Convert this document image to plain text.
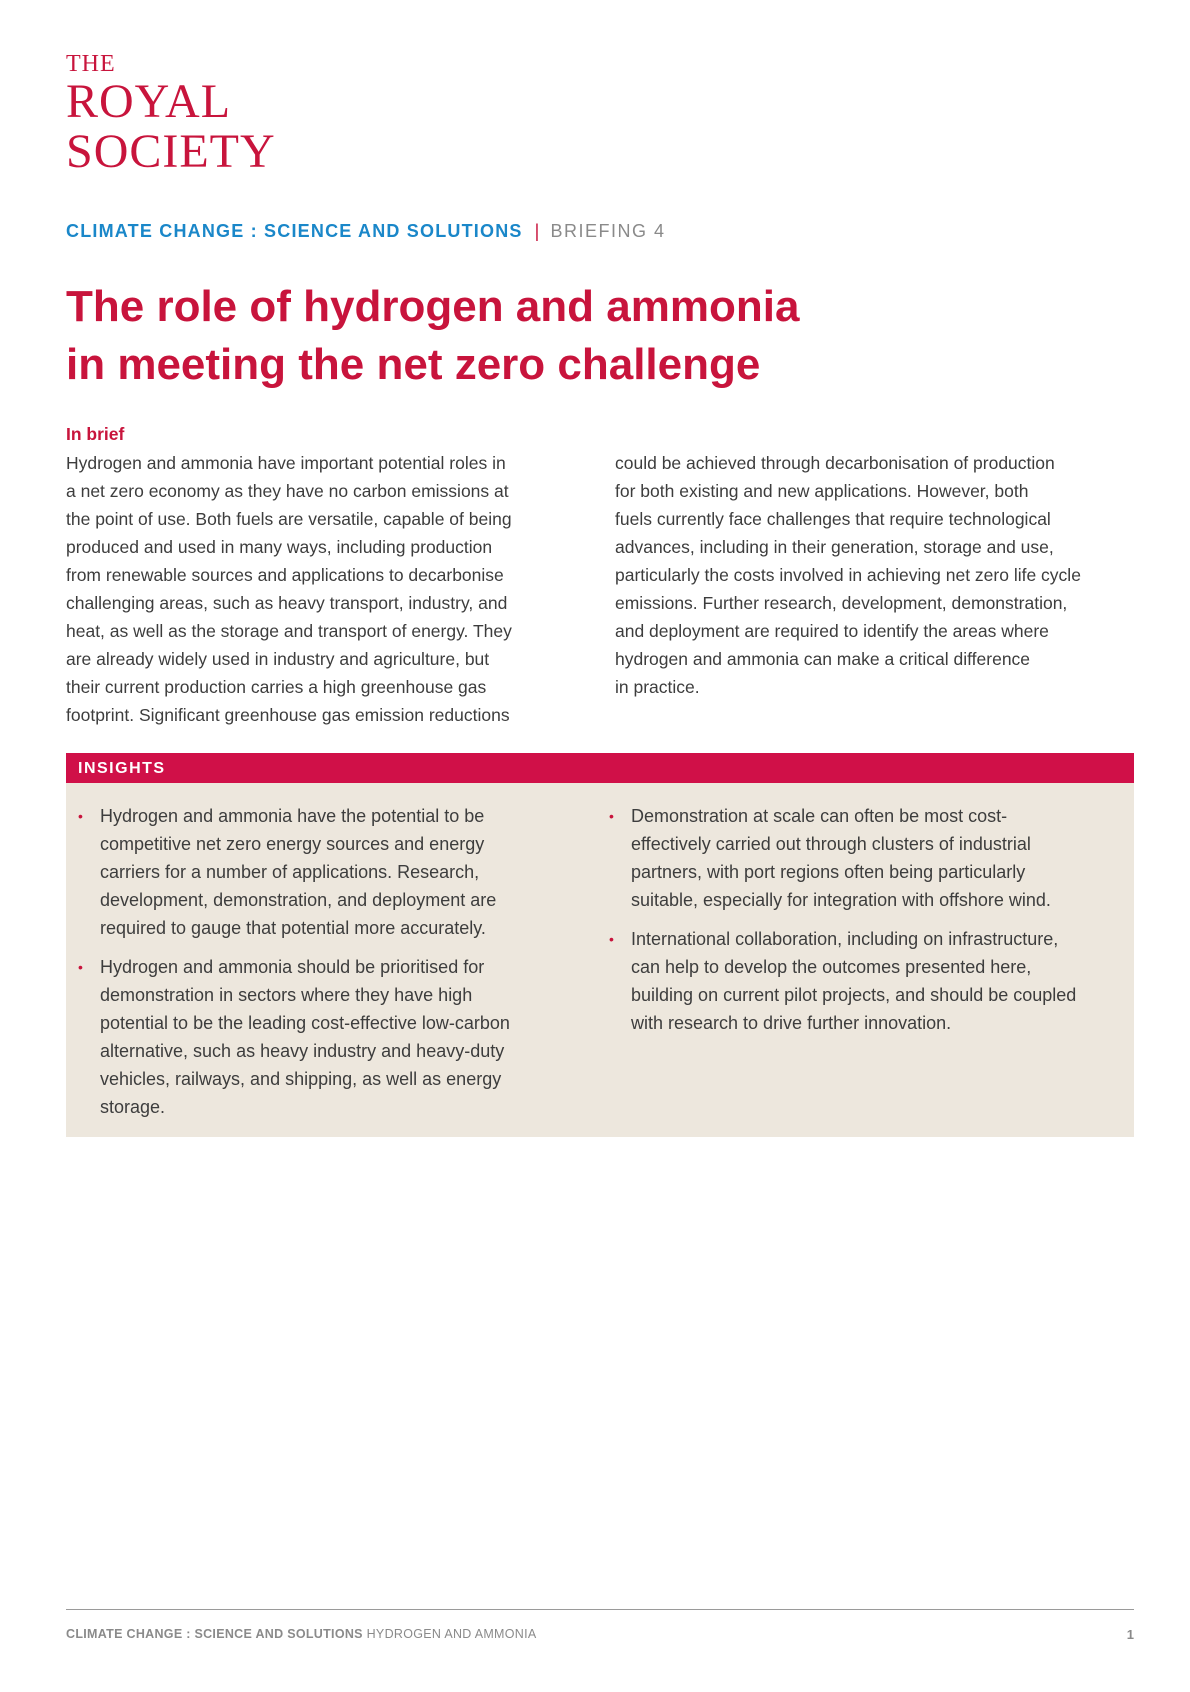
THE
ROYAL
SOCIETY
CLIMATE CHANGE : SCIENCE AND SOLUTIONS | BRIEFING 4
The role of hydrogen and ammonia
in meeting the net zero challenge
In brief
Hydrogen and ammonia have important potential roles in
a net zero economy as they have no carbon emissions at
the point of use. Both fuels are versatile, capable of being
produced and used in many ways, including production
from renewable sources and applications to decarbonise
challenging areas, such as heavy transport, industry, and
heat, as well as the storage and transport of energy. They
are already widely used in industry and agriculture, but
their current production carries a high greenhouse gas
footprint. Significant greenhouse gas emission reductions
could be achieved through decarbonisation of production
for both existing and new applications. However, both
fuels currently face challenges that require technological
advances, including in their generation, storage and use,
particularly the costs involved in achieving net zero life cycle
emissions. Further research, development, demonstration,
and deployment are required to identify the areas where
hydrogen and ammonia can make a critical difference
in practice.
INSIGHTS
• Hydrogen and ammonia have the potential to be
competitive net zero energy sources and energy
carriers for a number of applications. Research,
development, demonstration, and deployment are
required to gauge that potential more accurately.
• Hydrogen and ammonia should be prioritised for
demonstration in sectors where they have high
potential to be the leading cost-effective low-carbon
alternative, such as heavy industry and heavy-duty
vehicles, railways, and shipping, as well as energy
storage.
• Demonstration at scale can often be most cost-
effectively carried out through clusters of industrial
partners, with port regions often being particularly
suitable, especially for integration with offshore wind.
• International collaboration, including on infrastructure,
can help to develop the outcomes presented here,
building on current pilot projects, and should be coupled
with research to drive further innovation.
CLIMATE CHANGE : SCIENCE AND SOLUTIONS HYDROGEN AND AMMONIA	1
